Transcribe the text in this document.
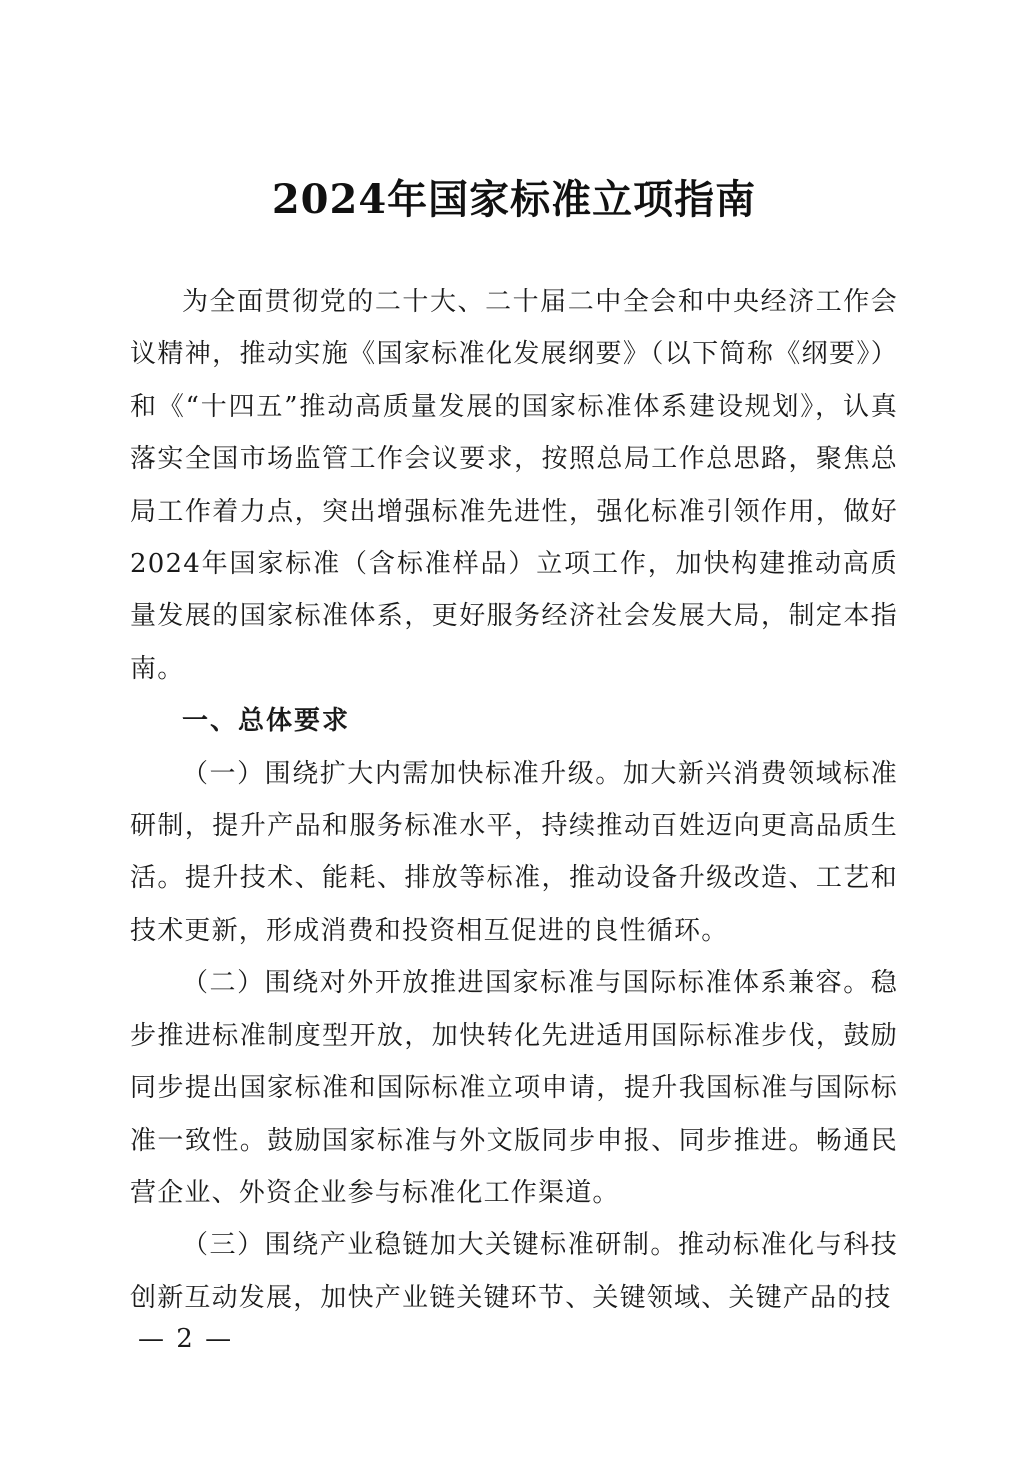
2024年国家标准立项指南

为全面贯彻党的二十大、二十届二中全会和中央经济工作会议精神，推动实施《国家标准化发展纲要》（以下简称《纲要》）和《“十四五”推动高质量发展的国家标准体系建设规划》，认真落实全国市场监管工作会议要求，按照总局工作总思路，聚焦总局工作着力点，突出增强标准先进性，强化标准引领作用，做好2024年国家标准（含标准样品）立项工作，加快构建推动高质量发展的国家标准体系，更好服务经济社会发展大局，制定本指南。

一、总体要求

（一）围绕扩大内需加快标准升级。加大新兴消费领域标准研制，提升产品和服务标准水平，持续推动百姓迈向更高品质生活。提升技术、能耗、排放等标准，推动设备升级改造、工艺和技术更新，形成消费和投资相互促进的良性循环。

（二）围绕对外开放推进国家标准与国际标准体系兼容。稳步推进标准制度型开放，加快转化先进适用国际标准步伐，鼓励同步提出国家标准和国际标准立项申请，提升我国标准与国际标准一致性。鼓励国家标准与外文版同步申报、同步推进。畅通民营企业、外资企业参与标准化工作渠道。

（三）围绕产业稳链加大关键标准研制。推动标准化与科技创新互动发展，加快产业链关键环节、关键领域、关键产品的技

— 2 —
